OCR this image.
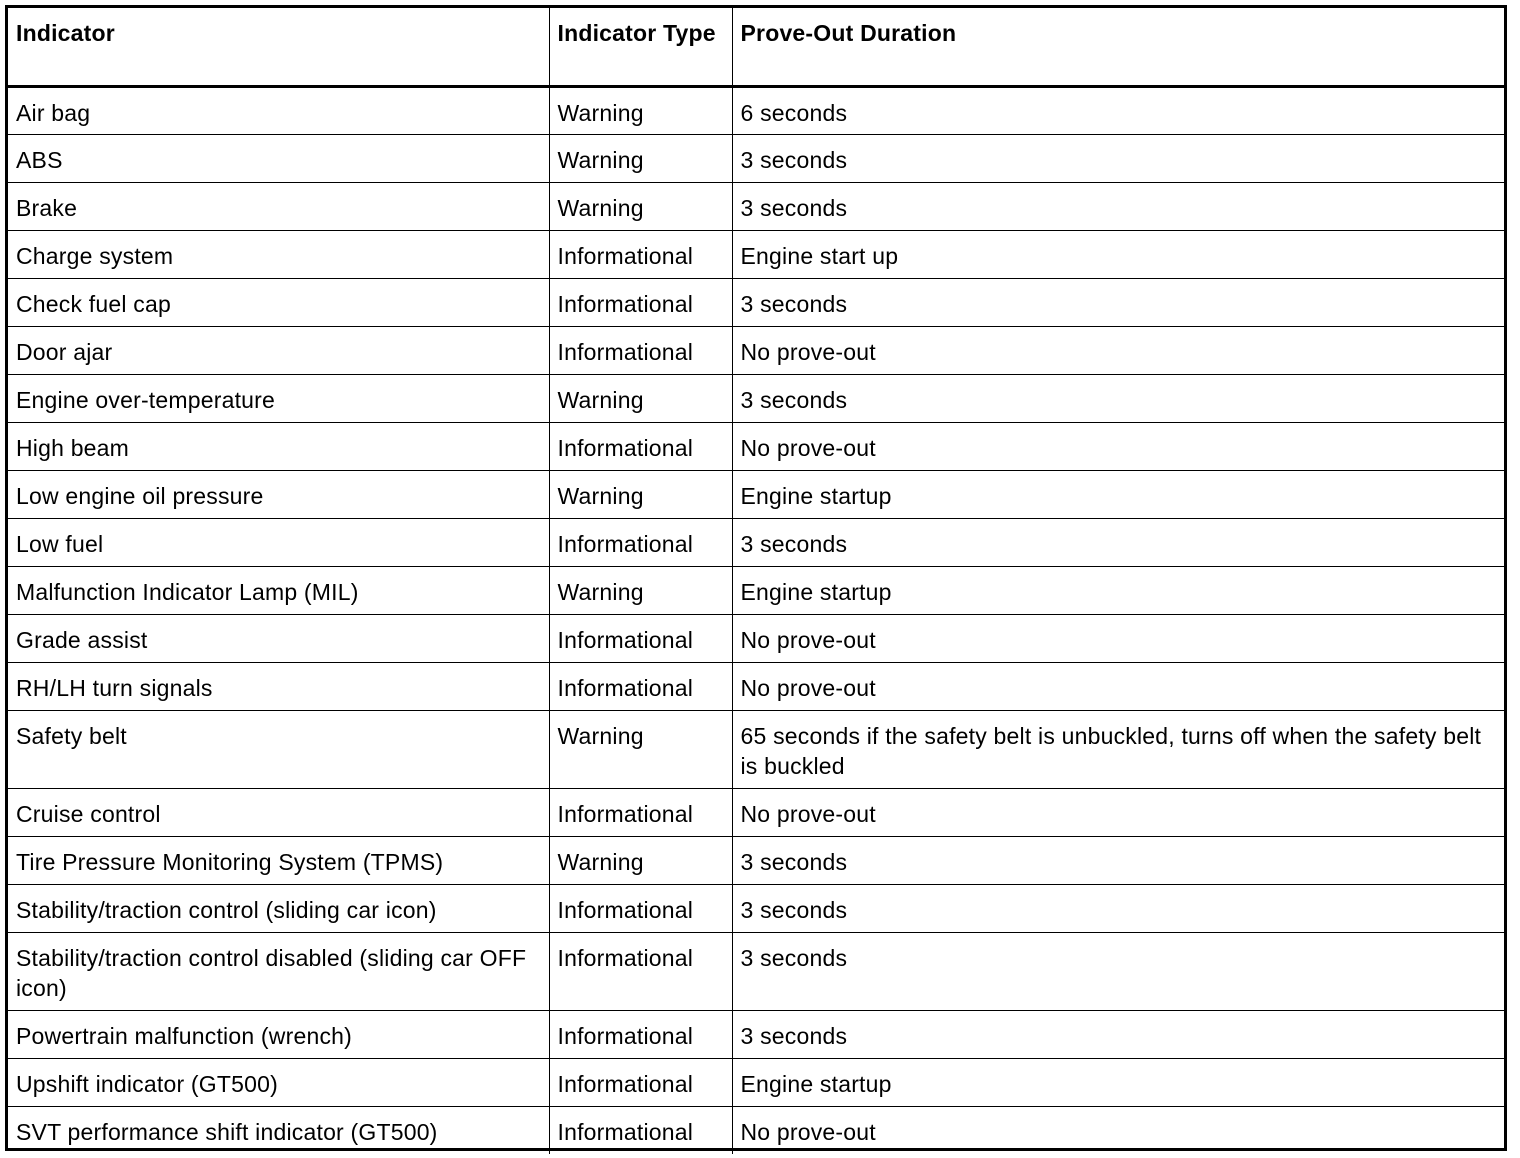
Indicator	Indicator Type	Prove-Out Duration
Air bag	Warning	6 seconds
ABS	Warning	3 seconds
Brake	Warning	3 seconds
Charge system	Informational	Engine start up
Check fuel cap	Informational	3 seconds
Door ajar	Informational	No prove-out
Engine over-temperature	Warning	3 seconds
High beam	Informational	No prove-out
Low engine oil pressure	Warning	Engine startup
Low fuel	Informational	3 seconds
Malfunction Indicator Lamp (MIL)	Warning	Engine startup
Grade assist	Informational	No prove-out
RH/LH turn signals	Informational	No prove-out
Safety belt	Warning	65 seconds if the safety belt is unbuckled, turns off when the safety belt is buckled
Cruise control	Informational	No prove-out
Tire Pressure Monitoring System (TPMS)	Warning	3 seconds
Stability/traction control (sliding car icon)	Informational	3 seconds
Stability/traction control disabled (sliding car OFF icon)	Informational	3 seconds
Powertrain malfunction (wrench)	Informational	3 seconds
Upshift indicator (GT500)	Informational	Engine startup
SVT performance shift indicator (GT500)	Informational	No prove-out
